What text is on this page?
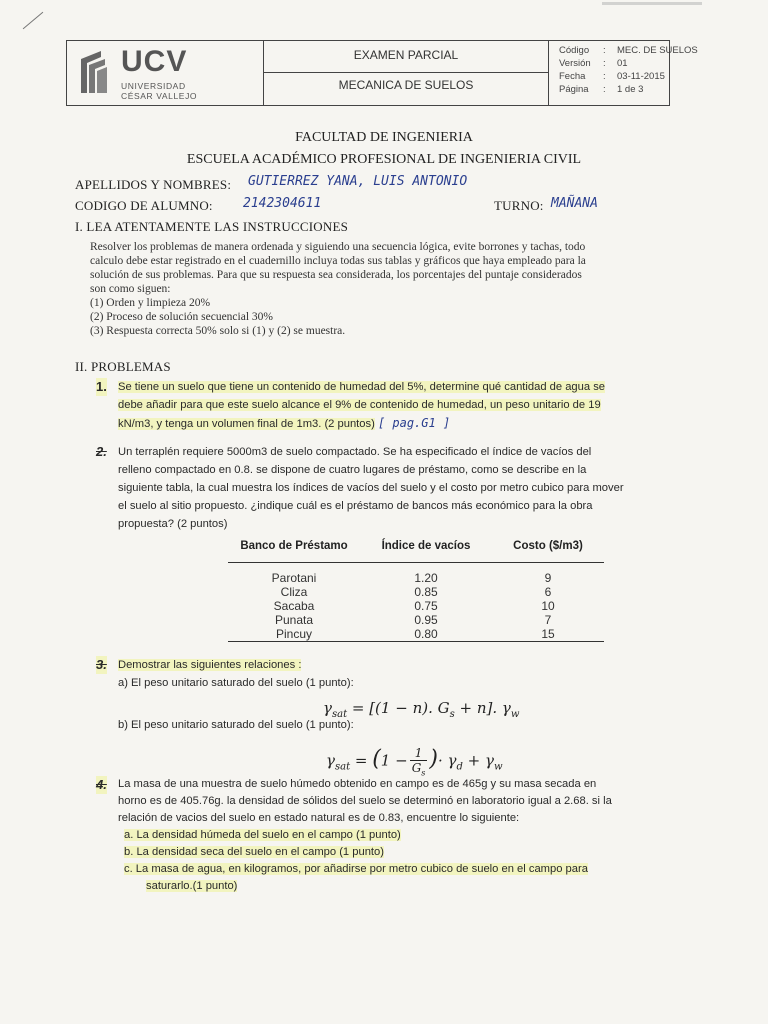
UCV
UNIVERSIDAD
CÉSAR VALLEJO
EXAMEN PARCIAL
MECANICA DE SUELOS
Código : MEC. DE SUELOS
Versión : 01
Fecha : 03-11-2015
Página : 1 de 3
FACULTAD DE INGENIERIA
ESCUELA ACADÉMICO PROFESIONAL DE INGENIERIA CIVIL
APELLIDOS Y NOMBRES: GUTIERREZ YANA, LUIS ANTONIO
CODIGO DE ALUMNO: 2142304611	TURNO: MAÑANA
I. LEA ATENTAMENTE LAS INSTRUCCIONES
Resolver los problemas de manera ordenada y siguiendo una secuencia lógica, evite borrones y tachas, todo
calculo debe estar registrado en el cuadernillo incluya todas sus tablas y gráficos que haya empleado para la
solución de sus problemas. Para que su respuesta sea considerada, los porcentajes del puntaje considerados
son como siguen:
(1) Orden y limpieza 20%
(2) Proceso de solución secuencial 30%
(3) Respuesta correcta 50% solo si (1) y (2) se muestra.
II. PROBLEMAS
1. Se tiene un suelo que tiene un contenido de humedad del 5%, determine qué cantidad de agua se
debe añadir para que este suelo alcance el 9% de contenido de humedad, un peso unitario de 19
kN/m3, y tenga un volumen final de 1m3. (2 puntos) [ pag.G1 ]
2. Un terraplén requiere 5000m3 de suelo compactado. Se ha especificado el índice de vacíos del
relleno compactado en 0.8. se dispone de cuatro lugares de préstamo, como se describe en la
siguiente tabla, la cual muestra los índices de vacíos del suelo y el costo por metro cubico para mover
el suelo al sitio propuesto. ¿indique cuál es el préstamo de bancos más económico para la obra
propuesta? (2 puntos)
Banco de Préstamo	Índice de vacíos	Costo ($/m3)

Parotani	1.20	9
Cliza	0.85	6
Sacaba	0.75	10
Punata	0.95	7
Pincuy	0.80	15
3. Demostrar las siguientes relaciones :
a) El peso unitario saturado del suelo (1 punto):
$\gamma_{sat} = [(1 - n)$. $G_s + n$]. $\gamma_w$
b) El peso unitario saturado del suelo (1 punto):
$\gamma_{sat} = (1 - \frac{1}{G_s}$ )· $\gamma_d + \gamma_w$
4. La masa de una muestra de suelo húmedo obtenido en campo es de 465g y su masa secada en
horno es de 405.76g. la densidad de sólidos del suelo se determinó en laboratorio igual a 2.68. si la
relación de vacios del suelo en estado natural es de 0.83, encuentre lo siguiente:
a. La densidad húmeda del suelo en el campo (1 punto)
b. La densidad seca del suelo en el campo (1 punto)
c. La masa de agua, en kilogramos, por añadirse por metro cubico de suelo en el campo para
saturarlo.(1 punto)
